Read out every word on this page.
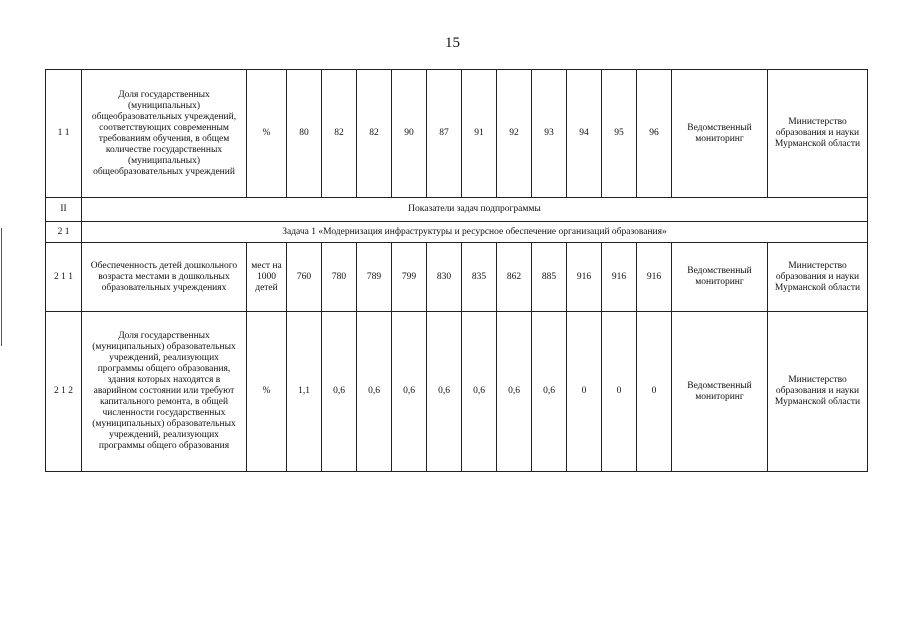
15
1 1	Доля государственных (муниципальных) общеобразовательных учреждений, соответствующих современным требованиям обучения, в общем количестве государственных (муниципальных) общеобразовательных учреждений	%	80	82	82	90	87	91	92	93	94	95	96	Ведомственный мониторинг	Министерство образования и науки Мурманской области
II	Показатели задач подпрограммы														
2 1	Задача 1 «Модернизация инфраструктуры и ресурсное обеспечение организаций образования»														
2 1 1	Обеспеченность детей дошкольного возраста местами в дошкольных образовательных учреждениях	мест на 1000 детей	760	780	789	799	830	835	862	885	916	916	916	Ведомственный мониторинг	Министерство образования и науки Мурманской области
2 1 2	Доля государственных (муниципальных) образовательных учреждений, реализующих программы общего образования, здания которых находятся в аварийном состоянии или требуют капитального ремонта, в общей численности государственных (муниципальных) образовательных учреждений, реализующих программы общего образования	%	1,1	0,6	0,6	0,6	0,6	0,6	0,6	0,6	0	0	0	Ведомственный мониторинг	Министерство образования и науки Мурманской области
